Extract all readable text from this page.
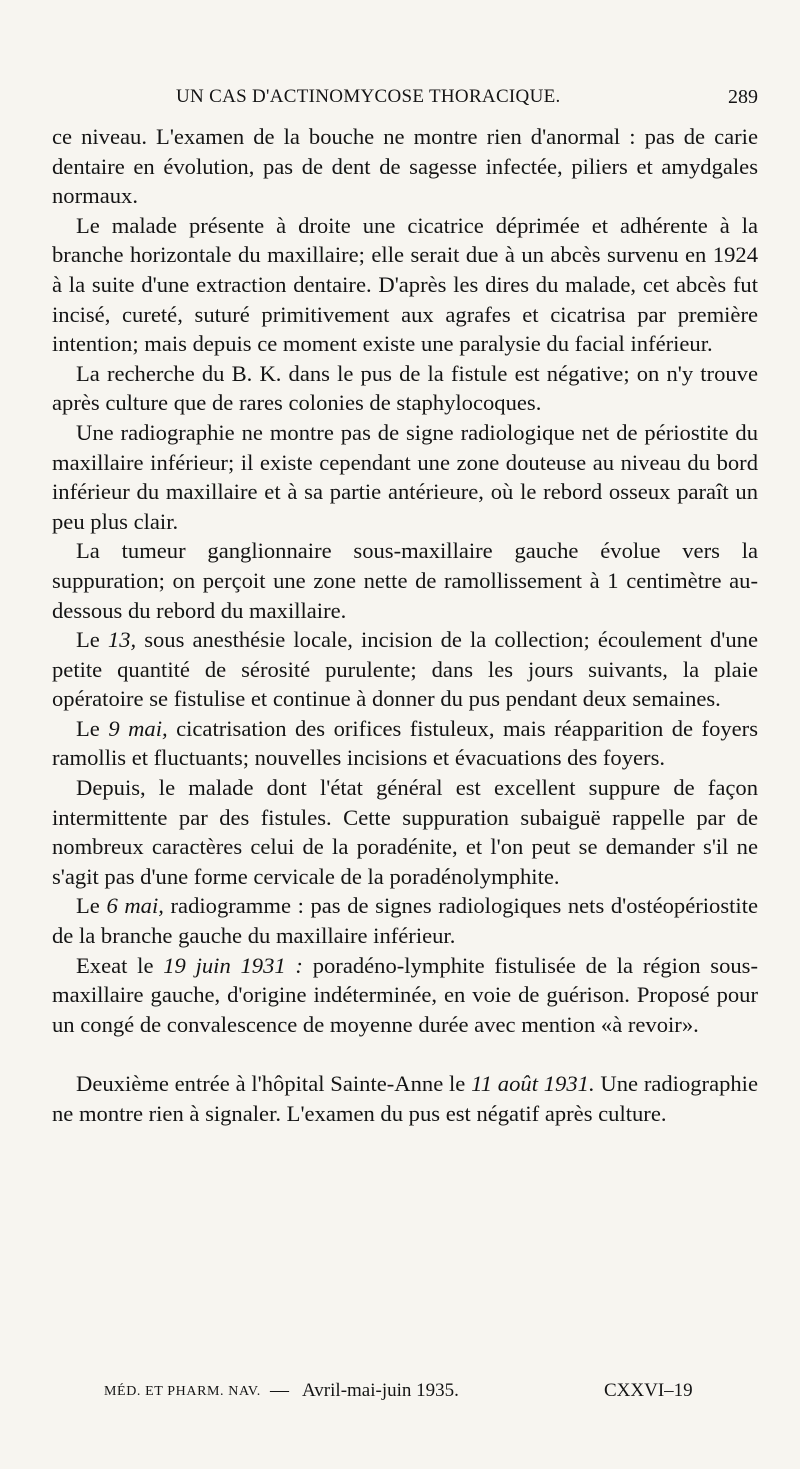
UN CAS D'ACTINOMYCOSE THORACIQUE.	289

ce niveau. L'examen de la bouche ne montre rien d'anormal : pas de carie dentaire en évolution, pas de dent de sagesse infectée, piliers et amydgales normaux.

Le malade présente à droite une cicatrice déprimée et adhérente à la branche horizontale du maxillaire; elle serait due à un abcès survenu en 1924 à la suite d'une extraction dentaire. D'après les dires du malade, cet abcès fut incisé, cureté, suturé primitivement aux agrafes et cicatrisa par première intention; mais depuis ce moment existe une paralysie du facial inférieur.

La recherche du B. K. dans le pus de la fistule est négative; on n'y trouve après culture que de rares colonies de staphylocoques.

Une radiographie ne montre pas de signe radiologique net de périostite du maxillaire inférieur; il existe cependant une zone douteuse au niveau du bord inférieur du maxillaire et à sa partie antérieure, où le rebord osseux paraît un peu plus clair.

La tumeur ganglionnaire sous-maxillaire gauche évolue vers la suppuration; on perçoit une zone nette de ramollissement à 1 centimètre au-dessous du rebord du maxillaire.

Le 13, sous anesthésie locale, incision de la collection; écoulement d'une petite quantité de sérosité purulente; dans les jours suivants, la plaie opératoire se fistulise et continue à donner du pus pendant deux semaines.

Le 9 mai, cicatrisation des orifices fistuleux, mais réapparition de foyers ramollis et fluctuants; nouvelles incisions et évacuations des foyers.

Depuis, le malade dont l'état général est excellent suppure de façon intermittente par des fistules. Cette suppuration subaiguë rappelle par de nombreux caractères celui de la poradénite, et l'on peut se demander s'il ne s'agit pas d'une forme cervicale de la poradénolymphite.

Le 6 mai, radiogramme : pas de signes radiologiques nets d'ostéopériostite de la branche gauche du maxillaire inférieur.

Exeat le 19 juin 1931 : poradéno-lymphite fistulisée de la région sous-maxillaire gauche, d'origine indéterminée, en voie de guérison. Proposé pour un congé de convalescence de moyenne durée avec mention «à revoir».

Deuxième entrée à l'hôpital Sainte-Anne le 11 août 1931. Une radiographie ne montre rien à signaler. L'examen du pus est négatif après culture.

MÉD. ET PHARM. NAV. — Avril-mai-juin 1935.	CXXVI–19
